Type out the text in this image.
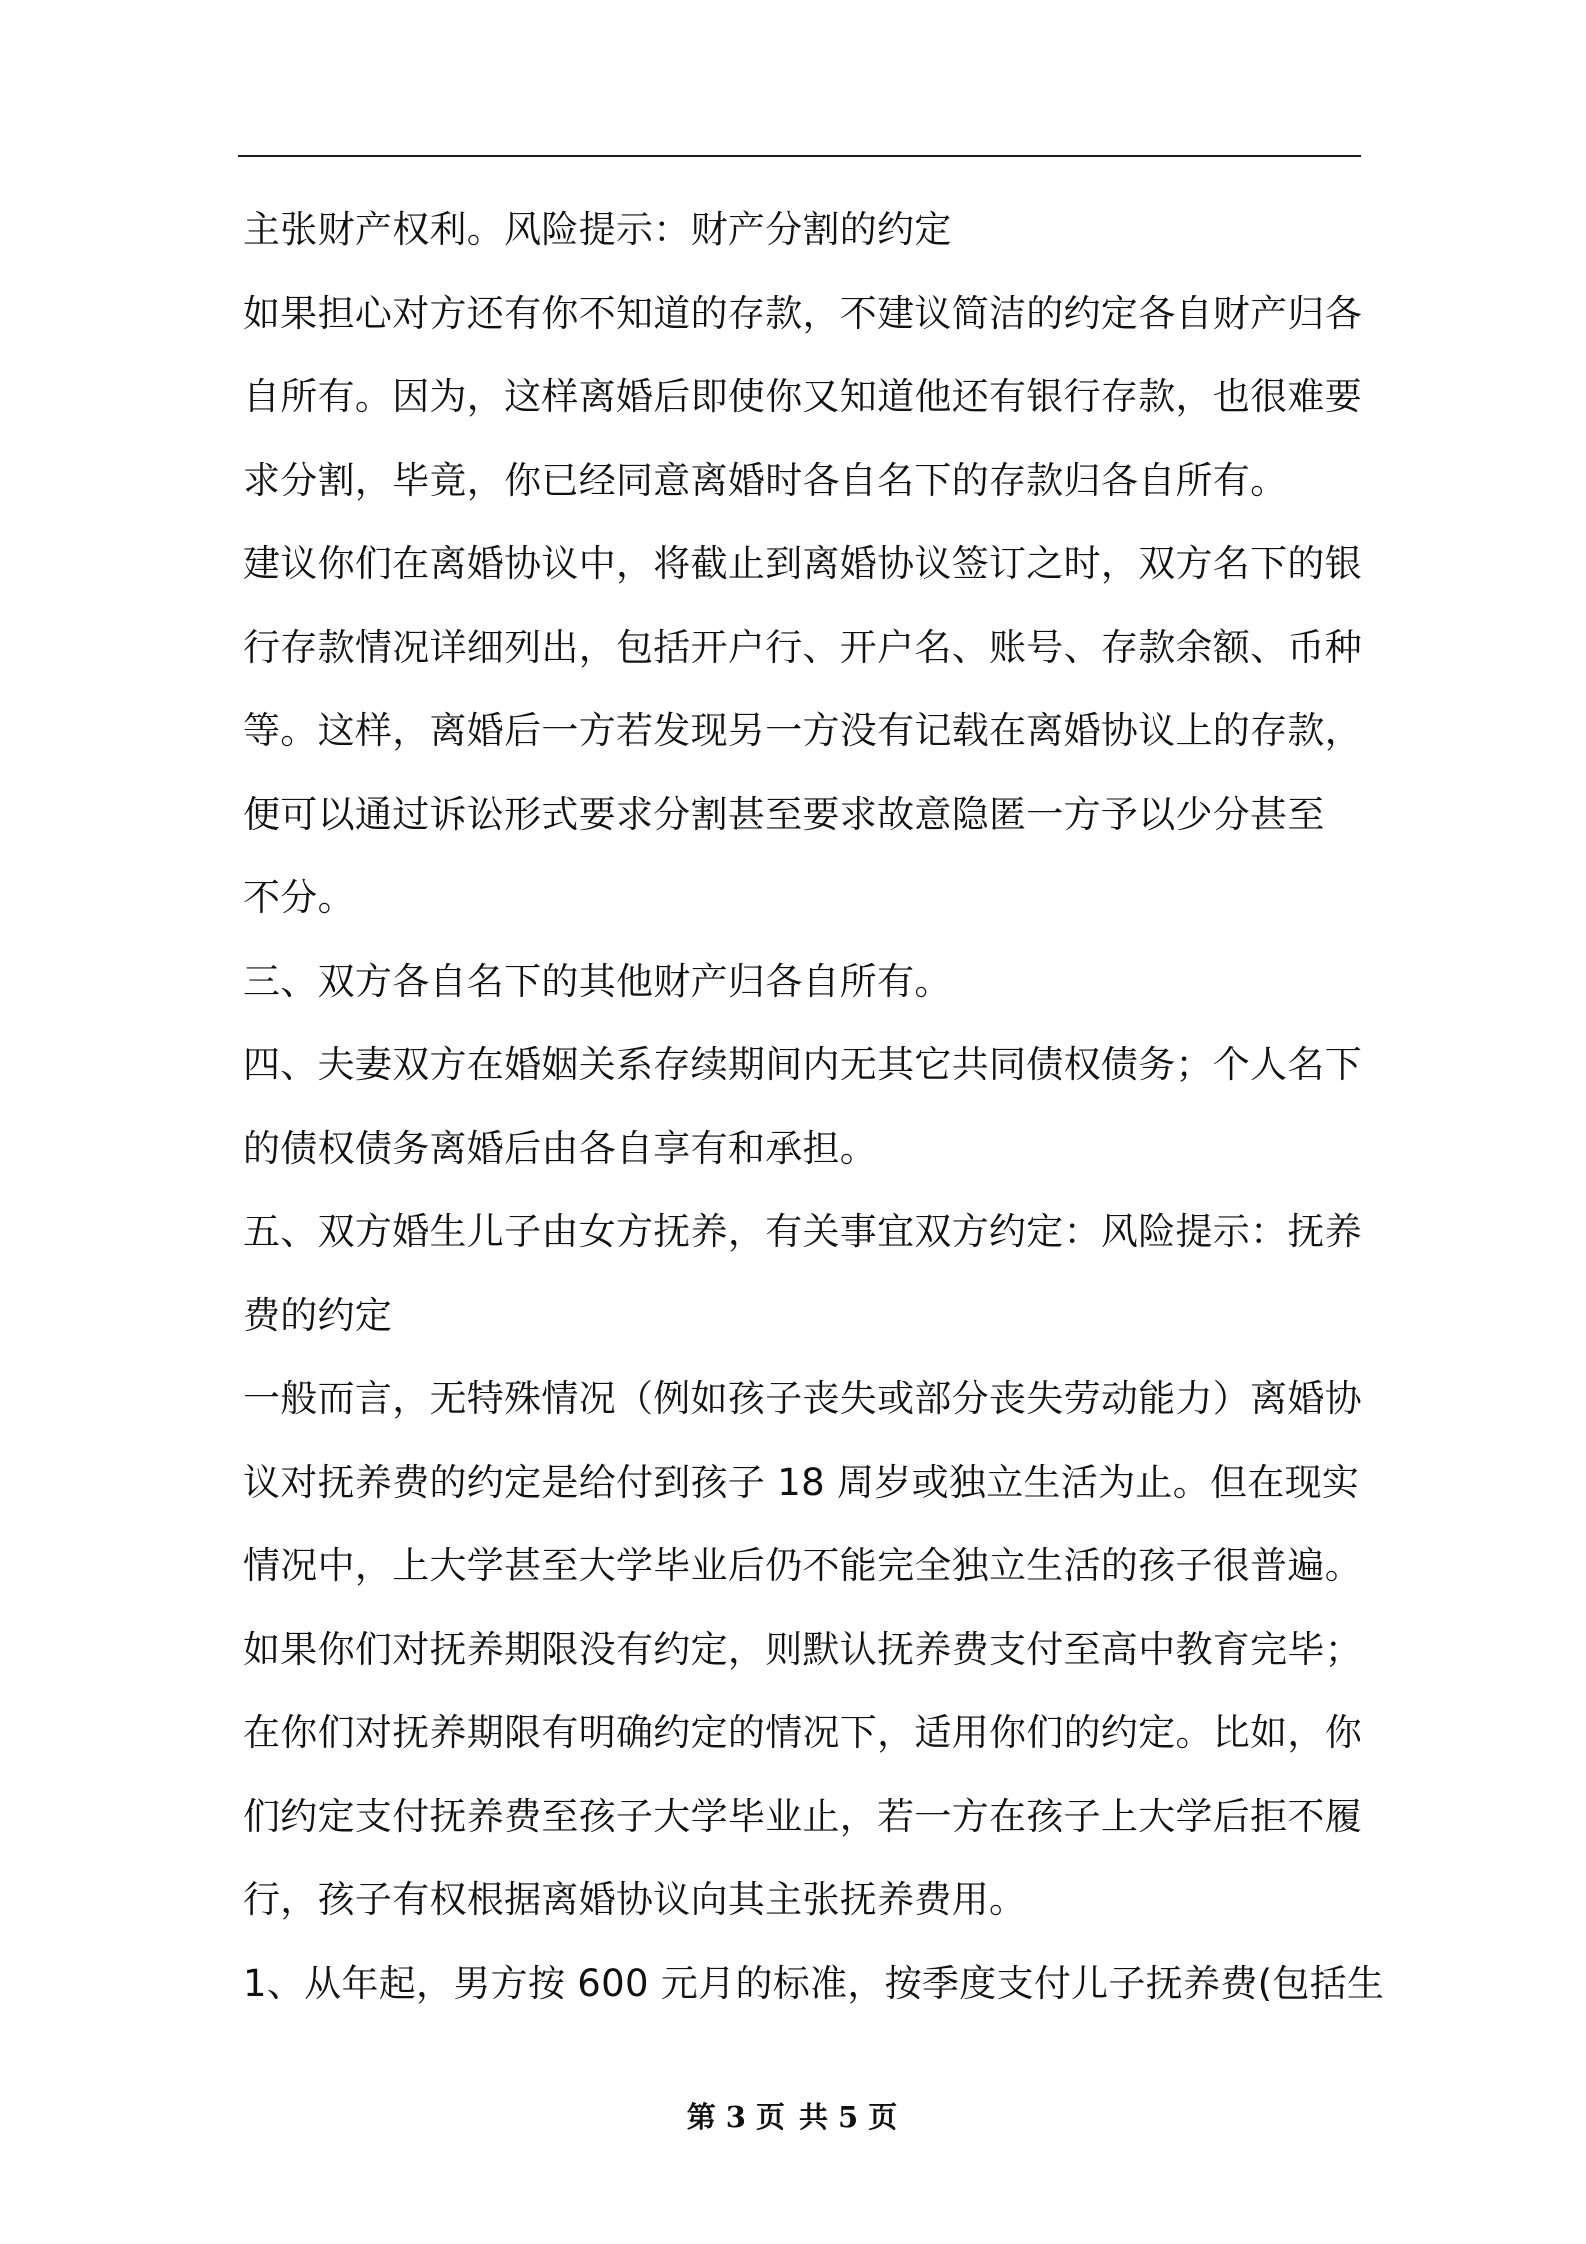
主张财产权利。风险提示：财产分割的约定
如果担心对方还有你不知道的存款，不建议简洁的约定各自财产归各
自所有。因为，这样离婚后即使你又知道他还有银行存款，也很难要
求分割，毕竟，你已经同意离婚时各自名下的存款归各自所有。
建议你们在离婚协议中，将截止到离婚协议签订之时，双方名下的银
行存款情况详细列出，包括开户行、开户名、账号、存款余额、币种
等。这样，离婚后一方若发现另一方没有记载在离婚协议上的存款，
便可以通过诉讼形式要求分割甚至要求故意隐匿一方予以少分甚至
不分。
三、双方各自名下的其他财产归各自所有。
四、夫妻双方在婚姻关系存续期间内无其它共同债权债务；个人名下
的债权债务离婚后由各自享有和承担。
五、双方婚生儿子由女方抚养，有关事宜双方约定：风险提示：抚养
费的约定
一般而言，无特殊情况（例如孩子丧失或部分丧失劳动能力）离婚协
议对抚养费的约定是给付到孩子 18 周岁或独立生活为止。但在现实
情况中，上大学甚至大学毕业后仍不能完全独立生活的孩子很普遍。
如果你们对抚养期限没有约定，则默认抚养费支付至高中教育完毕；
在你们对抚养期限有明确约定的情况下，适用你们的约定。比如，你
们约定支付抚养费至孩子大学毕业止，若一方在孩子上大学后拒不履
行，孩子有权根据离婚协议向其主张抚养费用。
1、从年起，男方按 600 元月的标准，按季度支付儿子抚养费(包括生
第 3 页 共 5 页
